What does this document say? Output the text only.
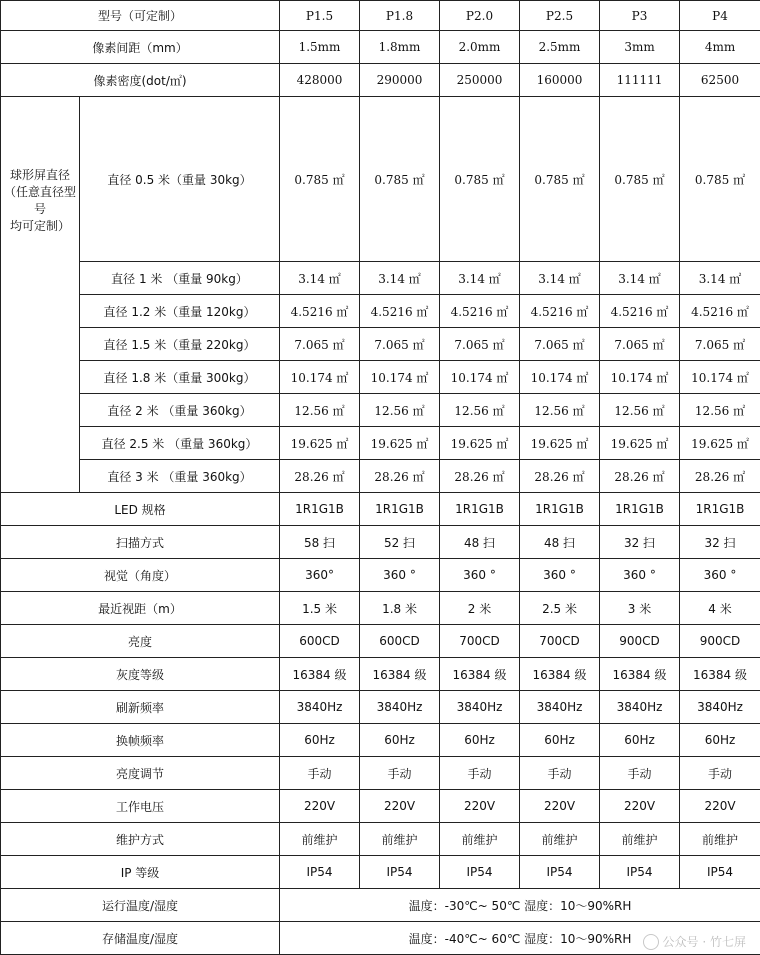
型号（可定制）		P1.5	P1.8	P2.0	P2.5	P3	P4
像素间距（mm）		1.5mm	1.8mm	2.0mm	2.5mm	3mm	4mm
像素密度(dot/㎡)		428000	290000	250000	160000	111111	62500

球形屏直径
（任意直径型号
均可定制）	直径 0.5 米（重量 30kg）	0.785 ㎡	0.785 ㎡	0.785 ㎡	0.785 ㎡	0.785 ㎡	0.785 ㎡
	直径 1 米 （重量 90kg）	3.14 ㎡	3.14 ㎡	3.14 ㎡	3.14 ㎡	3.14 ㎡	3.14 ㎡
	直径 1.2 米（重量 120kg）	4.5216 ㎡	4.5216 ㎡	4.5216 ㎡	4.5216 ㎡	4.5216 ㎡	4.5216 ㎡
	直径 1.5 米（重量 220kg）	7.065 ㎡	7.065 ㎡	7.065 ㎡	7.065 ㎡	7.065 ㎡	7.065 ㎡
	直径 1.8 米（重量 300kg）	10.174 ㎡	10.174 ㎡	10.174 ㎡	10.174 ㎡	10.174 ㎡	10.174 ㎡
	直径 2 米 （重量 360kg）	12.56 ㎡	12.56 ㎡	12.56 ㎡	12.56 ㎡	12.56 ㎡	12.56 ㎡
	直径 2.5 米 （重量 360kg）	19.625 ㎡	19.625 ㎡	19.625 ㎡	19.625 ㎡	19.625 ㎡	19.625 ㎡
	直径 3 米 （重量 360kg）	28.26 ㎡	28.26 ㎡	28.26 ㎡	28.26 ㎡	28.26 ㎡	28.26 ㎡
LED 规格		1R1G1B	1R1G1B	1R1G1B	1R1G1B	1R1G1B	1R1G1B
扫描方式		58 扫	52 扫	48 扫	48 扫	32 扫	32 扫
视觉（角度）		360°	360 °	360 °	360 °	360 °	360 °
最近视距（m）		1.5 米	1.8 米	2 米	2.5 米	3 米	4 米
亮度		600CD	600CD	700CD	700CD	900CD	900CD
灰度等级		16384 级	16384 级	16384 级	16384 级	16384 级	16384 级
刷新频率		3840Hz	3840Hz	3840Hz	3840Hz	3840Hz	3840Hz
换帧频率		60Hz	60Hz	60Hz	60Hz	60Hz	60Hz
亮度调节		手动	手动	手动	手动	手动	手动
工作电压		220V	220V	220V	220V	220V	220V
维护方式		前维护	前维护	前维护	前维护	前维护	前维护
IP 等级		IP54	IP54	IP54	IP54	IP54	IP54
运行温度/湿度		温度：-30℃~ 50℃ 湿度：10～90%RH					
存储温度/湿度		温度：-40℃~ 60℃ 湿度：10～90%RH						公众号 · 竹七屏
